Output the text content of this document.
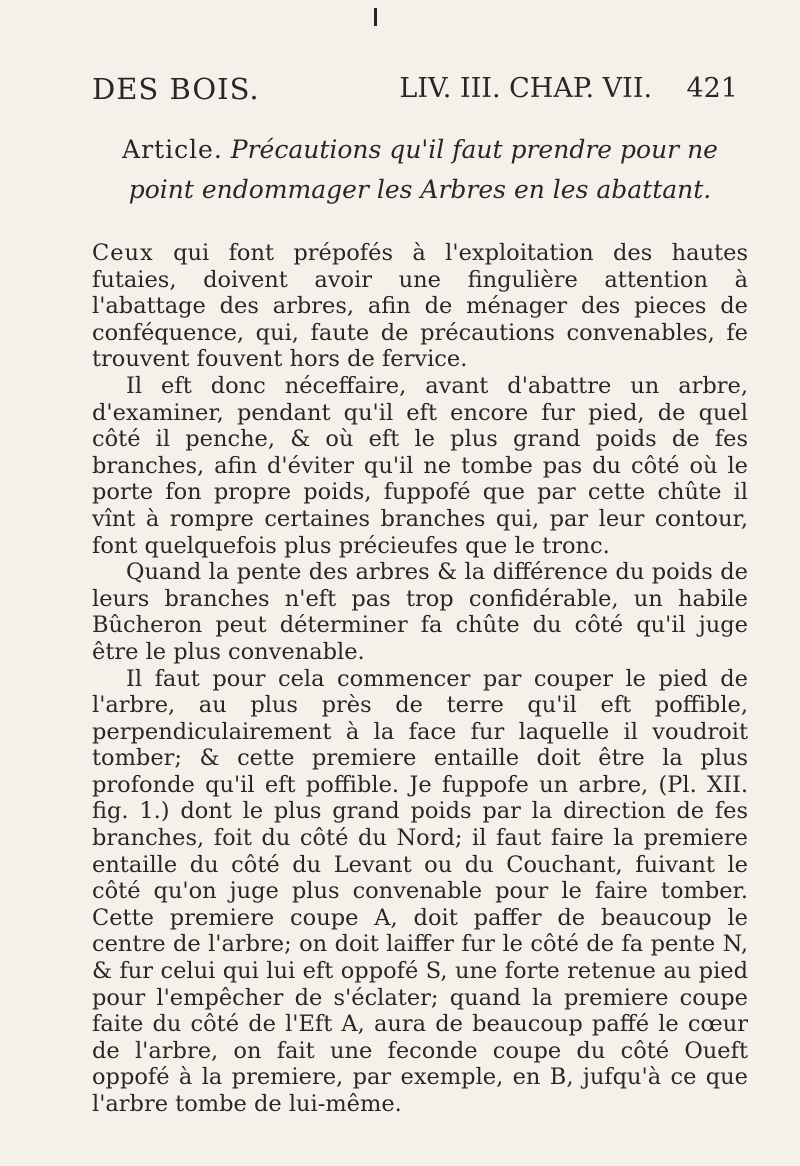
DES BOIS.	LIV. III. CHAP. VII. 421
Article. Précautions qu'il faut prendre pour ne point endommager les Arbres en les abattant.

Ceux qui font prépofés à l'exploitation des hautes futaies, doivent avoir une fingulière attention à l'abattage des arbres, afin de ménager des pieces de conféquence, qui, faute de précautions convenables, fe trouvent fouvent hors de fervice.

Il eft donc néceffaire, avant d'abattre un arbre, d'examiner, pendant qu'il eft encore fur pied, de quel côté il penche, & où eft le plus grand poids de fes branches, afin d'éviter qu'il ne tombe pas du côté où le porte fon propre poids, fuppofé que par cette chûte il vînt à rompre certaines branches qui, par leur contour, font quelquefois plus précieufes que le tronc.

Quand la pente des arbres & la différence du poids de leurs branches n'eft pas trop confidérable, un habile Bûcheron peut déterminer fa chûte du côté qu'il juge être le plus convenable.

Il faut pour cela commencer par couper le pied de l'arbre, au plus près de terre qu'il eft poffible, perpendiculairement à la face fur laquelle il voudroit tomber; & cette premiere entaille doit être la plus profonde qu'il eft poffible. Je fuppofe un arbre, (Pl. XII. fig. 1.) dont le plus grand poids par la direction de fes branches, foit du côté du Nord; il faut faire la premiere entaille du côté du Levant ou du Couchant, fuivant le côté qu'on juge plus convenable pour le faire tomber. Cette premiere coupe A, doit paffer de beaucoup le centre de l'arbre; on doit laiffer fur le côté de fa pente N, & fur celui qui lui eft oppofé S, une forte retenue au pied pour l'empêcher de s'éclater; quand la premiere coupe faite du côté de l'Eft A, aura de beaucoup paffé le cœur de l'arbre, on fait une feconde coupe du côté Oueft oppofé à la premiere, par exemple, en B, jufqu'à ce que l'arbre tombe de lui-même.
